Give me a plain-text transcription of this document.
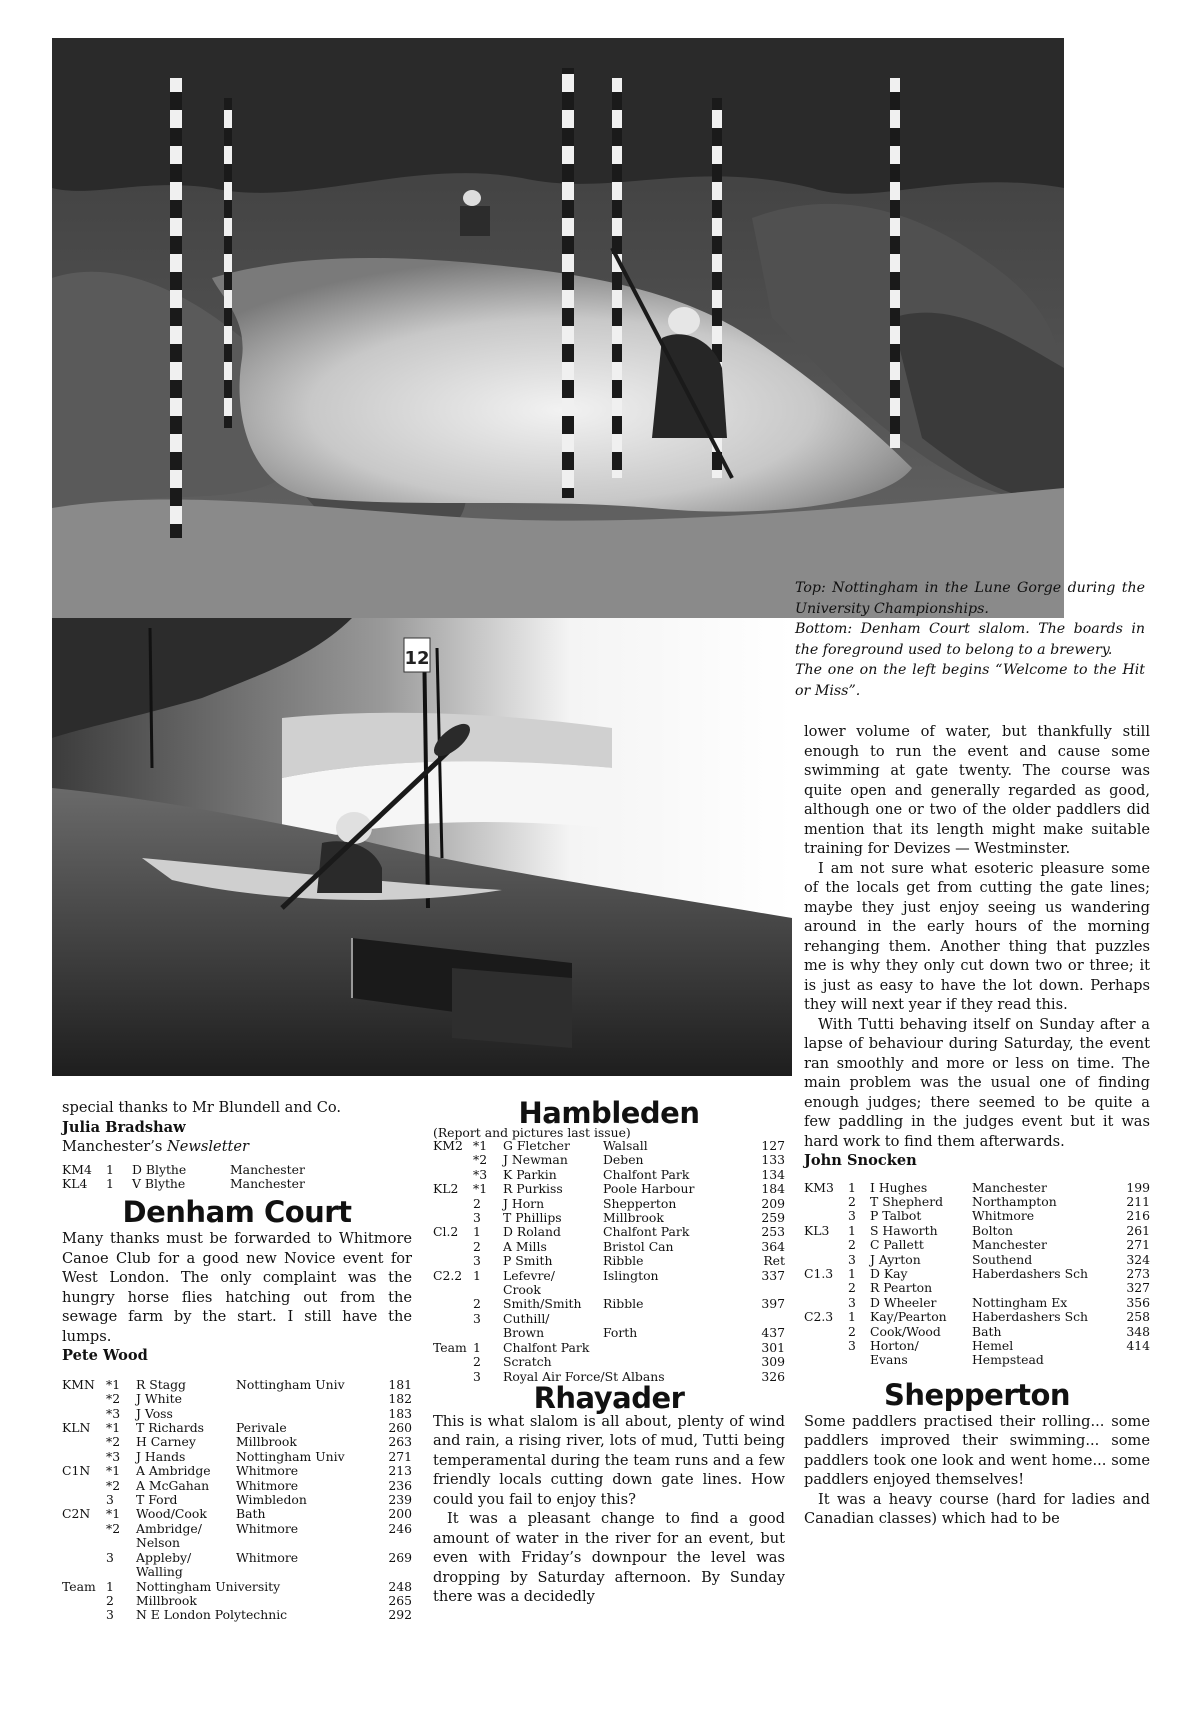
12

Top: Nottingham in the Lune Gorge during the University Championships.

Bottom: Denham Court slalom. The boards in the foreground used to belong to a brewery.

The one on the left begins “Welcome to the Hit or Miss”.

special thanks to Mr Blundell and Co.

Julia Bradshaw

Manchester’s Newsletter

KM4	1	D Blythe	Manchester	
KL4	1	V Blythe	Manchester	
Denham Court

Many thanks must be forwarded to Whitmore Canoe Club for a good new Novice event for West London. The only complaint was the hungry horse flies hatching out from the sewage farm by the start. I still have the lumps.

Pete Wood

KMN	*1	R Stagg	Nottingham Univ	181
	*2	J White		182
	*3	J Voss		183
KLN	*1	T Richards	Perivale	260
	*2	H Carney	Millbrook	263
	*3	J Hands	Nottingham Univ	271
C1N	*1	A Ambridge	Whitmore	213
	*2	A McGahan	Whitmore	236
	3	T Ford	Wimbledon	239
C2N	*1	Wood/Cook	Bath	200
	*2	Ambridge/	Whitmore	246
		Nelson		
	3	Appleby/	Whitmore	269
		Walling		
Team	1	Nottingham University		248
	2	Millbrook		265
	3	N E London Polytechnic		292
Hambleden
(Report and pictures last issue)
KM2	*1	G Fletcher	Walsall	127
	*2	J Newman	Deben	133
	*3	K Parkin	Chalfont Park	134
KL2	*1	R Purkiss	Poole Harbour	184
	2	J Horn	Shepperton	209
	3	T Phillips	Millbrook	259
Cl.2	1	D Roland	Chalfont Park	253
	2	A Mills	Bristol Can	364
	3	P Smith	Ribble	Ret
C2.2	1	Lefevre/	Islington	337
		Crook		
	2	Smith/Smith	Ribble	397
	3	Cuthill/		
		Brown	Forth	437
Team	1	Chalfont Park		301
	2	Scratch		309
	3	Royal Air Force/St Albans		326
Rhayader

This is what slalom is all about, plenty of wind and rain, a rising river, lots of mud, Tutti being temperamental during the team runs and a few friendly locals cutting down gate lines. How could you fail to enjoy this?

It was a pleasant change to find a good amount of water in the river for an event, but even with Friday’s downpour the level was dropping by Saturday afternoon. By Sunday there was a decidedly

lower volume of water, but thankfully still enough to run the event and cause some swimming at gate twenty. The course was quite open and generally regarded as good, although one or two of the older paddlers did mention that its length might make suitable training for Devizes — Westminster.

I am not sure what esoteric pleasure some of the locals get from cutting the gate lines; maybe they just enjoy seeing us wandering around in the early hours of the morning rehanging them. Another thing that puzzles me is why they only cut down two or three; it is just as easy to have the lot down. Perhaps they will next year if they read this.

With Tutti behaving itself on Sunday after a lapse of behaviour during Saturday, the event ran smoothly and more or less on time. The main problem was the usual one of finding enough judges; there seemed to be quite a few paddling in the judges event but it was hard work to find them afterwards.

John Snocken

KM3	1	I Hughes	Manchester	199
	2	T Shepherd	Northampton	211
	3	P Talbot	Whitmore	216
KL3	1	S Haworth	Bolton	261
	2	C Pallett	Manchester	271
	3	J Ayrton	Southend	324
C1.3	1	D Kay	Haberdashers Sch	273
	2	R Pearton		327
	3	D Wheeler	Nottingham Ex	356
C2.3	1	Kay/Pearton	Haberdashers Sch	258
	2	Cook/Wood	Bath	348
	3	Horton/	Hemel	414
		Evans	Hempstead	
Shepperton

Some paddlers practised their rolling... some paddlers improved their swimming... some paddlers took one look and went home... some paddlers enjoyed themselves!

It was a heavy course (hard for ladies and Canadian classes) which had to be
